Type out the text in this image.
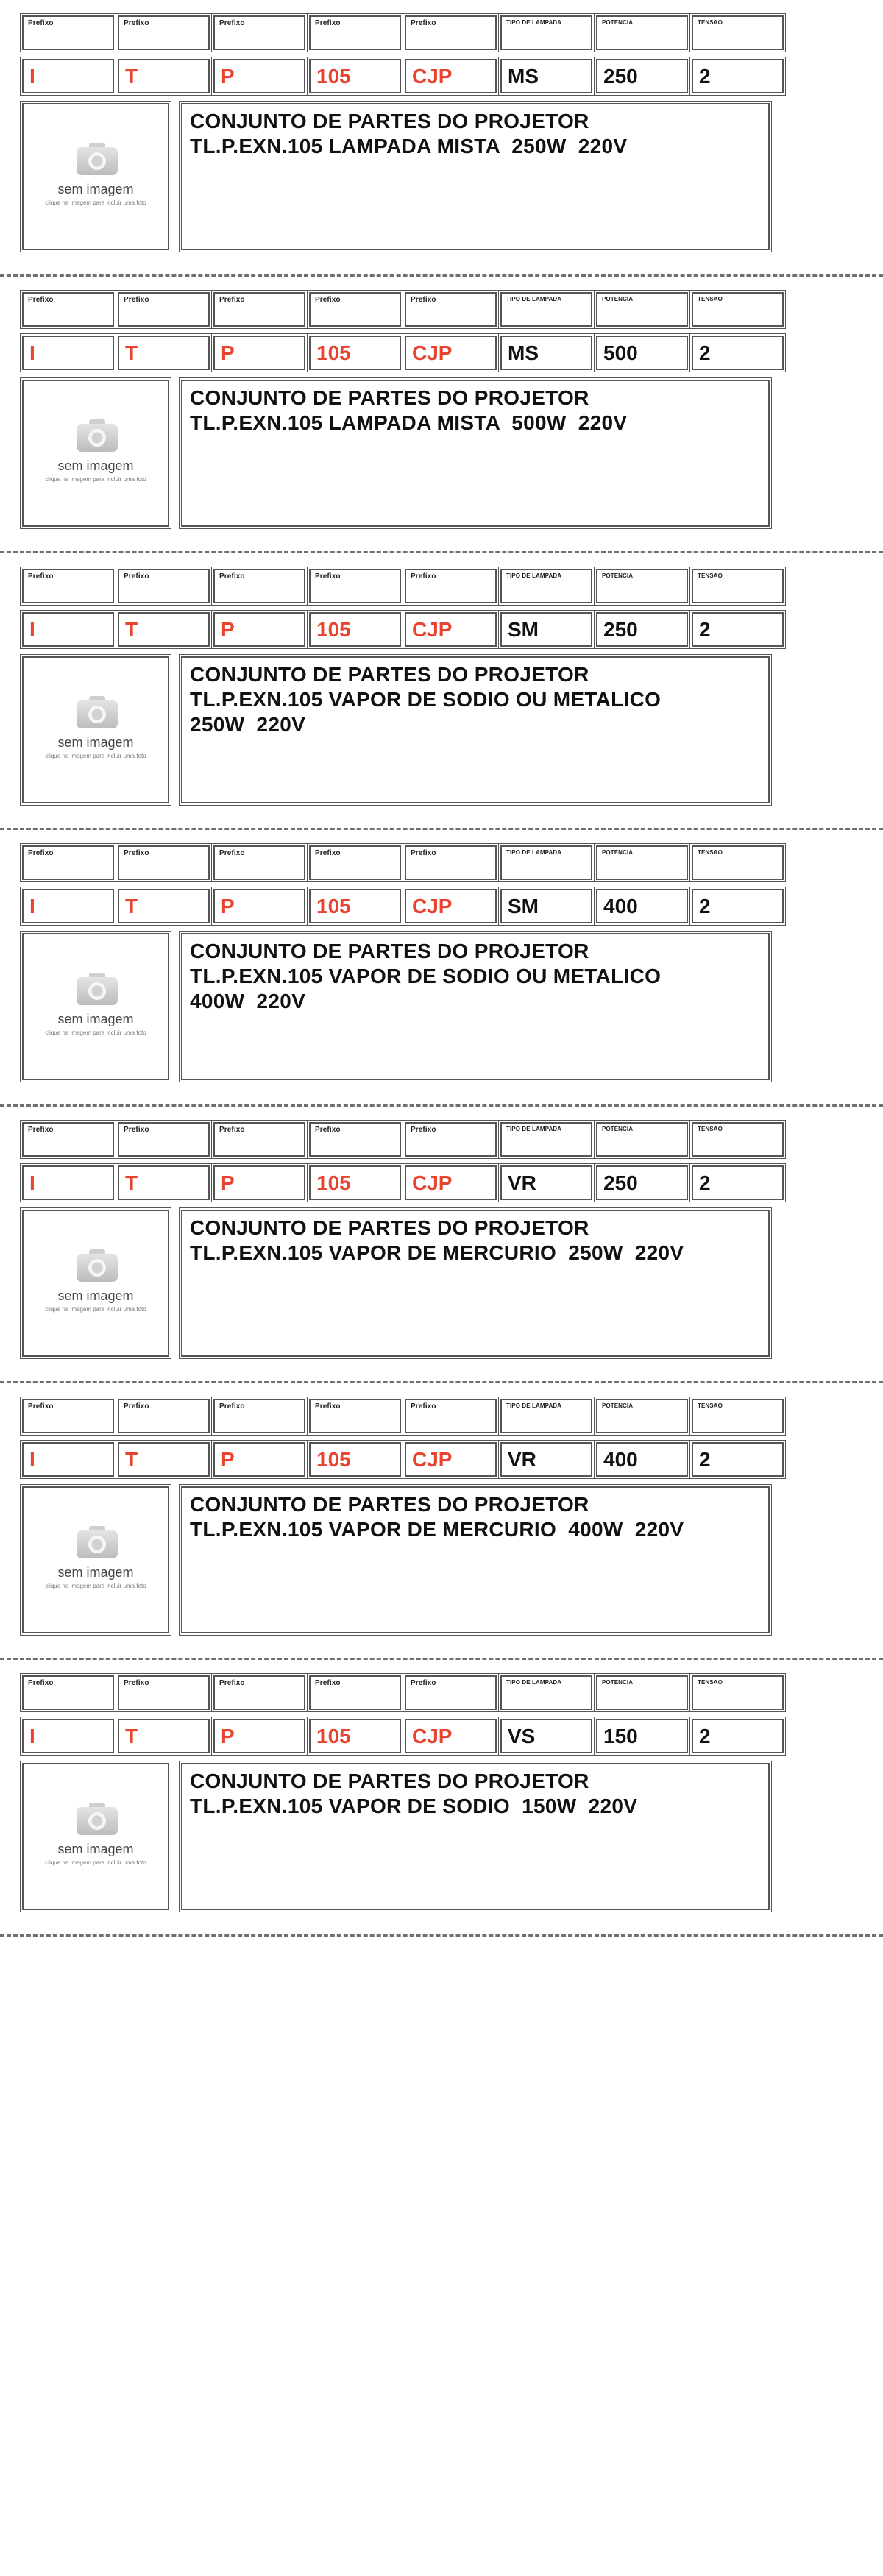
Prefixo	Prefixo	Prefixo	Prefixo	Prefixo	TIPO DE LAMPADA	POTENCIA	TENSAO
I	T	P	105	CJP	MS	250	2
sem imagem
clique na imagem para incluir uma foto
CONJUNTO DE PARTES DO PROJETOR
TL.P.EXN.105 LAMPADA MISTA  250W  220V
Prefixo	Prefixo	Prefixo	Prefixo	Prefixo	TIPO DE LAMPADA	POTENCIA	TENSAO
I	T	P	105	CJP	MS	500	2
sem imagem
clique na imagem para incluir uma foto
CONJUNTO DE PARTES DO PROJETOR
TL.P.EXN.105 LAMPADA MISTA  500W  220V
Prefixo	Prefixo	Prefixo	Prefixo	Prefixo	TIPO DE LAMPADA	POTENCIA	TENSAO
I	T	P	105	CJP	SM	250	2
sem imagem
clique na imagem para incluir uma foto
CONJUNTO DE PARTES DO PROJETOR
TL.P.EXN.105 VAPOR DE SODIO OU METALICO
250W  220V
Prefixo	Prefixo	Prefixo	Prefixo	Prefixo	TIPO DE LAMPADA	POTENCIA	TENSAO
I	T	P	105	CJP	SM	400	2
sem imagem
clique na imagem para incluir uma foto
CONJUNTO DE PARTES DO PROJETOR
TL.P.EXN.105 VAPOR DE SODIO OU METALICO
400W  220V
Prefixo	Prefixo	Prefixo	Prefixo	Prefixo	TIPO DE LAMPADA	POTENCIA	TENSAO
I	T	P	105	CJP	VR	250	2
sem imagem
clique na imagem para incluir uma foto
CONJUNTO DE PARTES DO PROJETOR
TL.P.EXN.105 VAPOR DE MERCURIO  250W  220V
Prefixo	Prefixo	Prefixo	Prefixo	Prefixo	TIPO DE LAMPADA	POTENCIA	TENSAO
I	T	P	105	CJP	VR	400	2
sem imagem
clique na imagem para incluir uma foto
CONJUNTO DE PARTES DO PROJETOR
TL.P.EXN.105 VAPOR DE MERCURIO  400W  220V
Prefixo	Prefixo	Prefixo	Prefixo	Prefixo	TIPO DE LAMPADA	POTENCIA	TENSAO
I	T	P	105	CJP	VS	150	2
sem imagem
clique na imagem para incluir uma foto
CONJUNTO DE PARTES DO PROJETOR
TL.P.EXN.105 VAPOR DE SODIO  150W  220V
